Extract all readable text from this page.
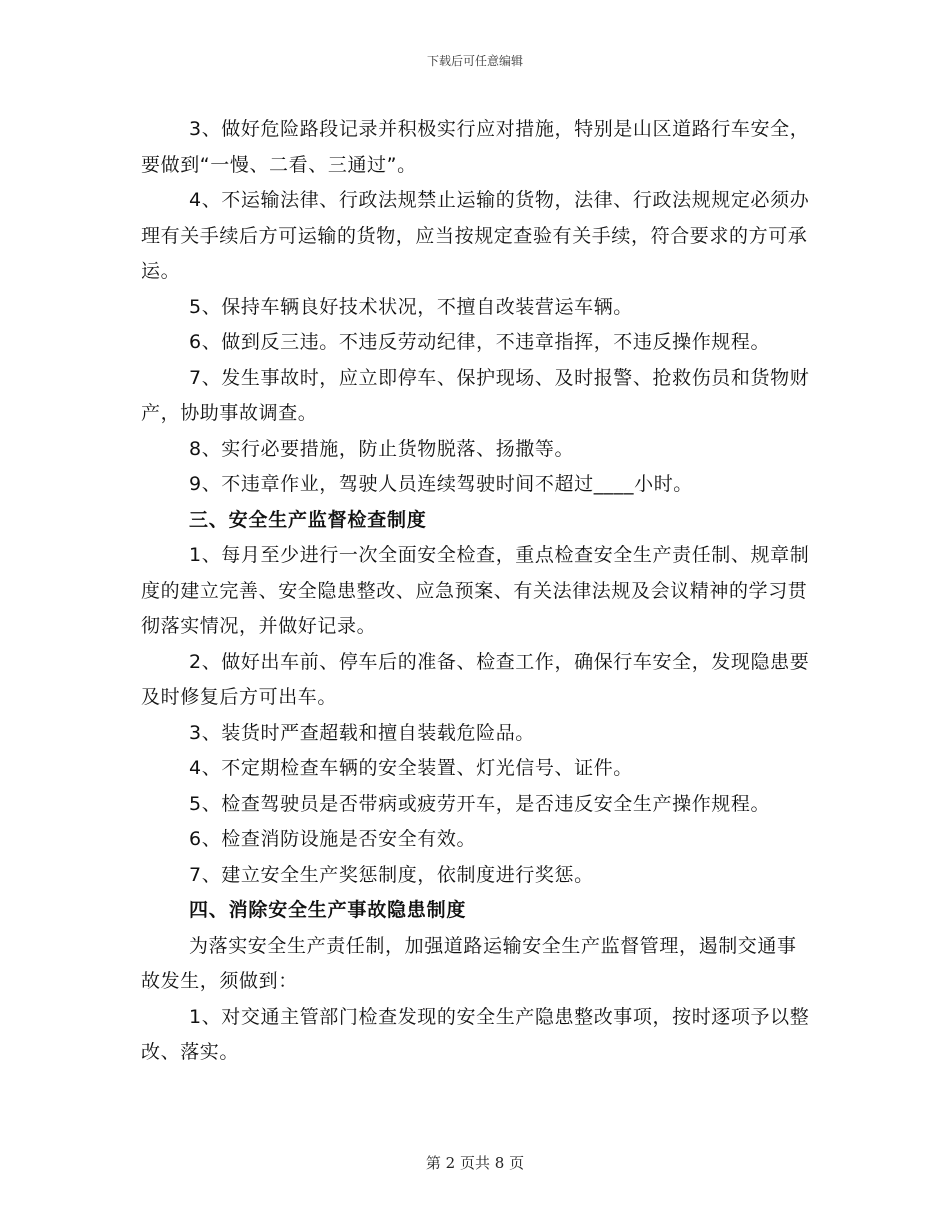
下载后可任意编辑

3、做好危险路段记录并积极实行应对措施，特别是山区道路行车安全，要做到“一慢、二看、三通过”。

4、不运输法律、行政法规禁止运输的货物，法律、行政法规规定必须办理有关手续后方可运输的货物，应当按规定查验有关手续，符合要求的方可承运。

5、保持车辆良好技术状况，不擅自改装营运车辆。

6、做到反三违。不违反劳动纪律，不违章指挥，不违反操作规程。

7、发生事故时，应立即停车、保护现场、及时报警、抢救伤员和货物财产，协助事故调查。

8、实行必要措施，防止货物脱落、扬撒等。

9、不违章作业，驾驶人员连续驾驶时间不超过____小时。

三、安全生产监督检查制度

1、每月至少进行一次全面安全检查，重点检查安全生产责任制、规章制度的建立完善、安全隐患整改、应急预案、有关法律法规及会议精神的学习贯彻落实情况，并做好记录。

2、做好出车前、停车后的准备、检查工作，确保行车安全，发现隐患要及时修复后方可出车。

3、装货时严查超载和擅自装载危险品。

4、不定期检查车辆的安全装置、灯光信号、证件。

5、检查驾驶员是否带病或疲劳开车，是否违反安全生产操作规程。

6、检查消防设施是否安全有效。

7、建立安全生产奖惩制度，依制度进行奖惩。

四、消除安全生产事故隐患制度

为落实安全生产责任制，加强道路运输安全生产监督管理，遏制交通事故发生，须做到：

1、对交通主管部门检查发现的安全生产隐患整改事项，按时逐项予以整改、落实。

第 2 页共 8 页
